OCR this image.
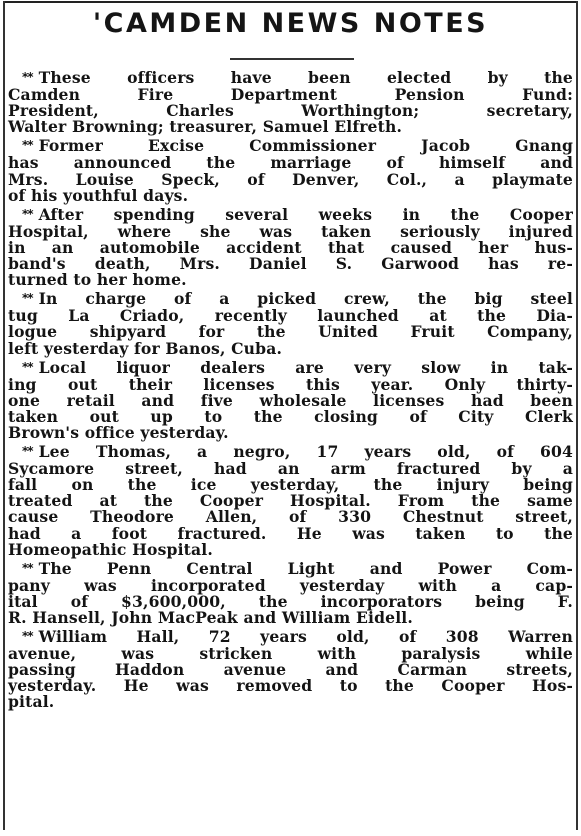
'CAMDEN NEWS NOTES
** These officers have been elected by the
Camden Fire Department Pension Fund:
President, Charles Worthington; secretary,
Walter Browning; treasurer, Samuel Elfreth.
** Former Excise Commissioner Jacob Gnang
has announced the marriage of himself and
Mrs. Louise Speck, of Denver, Col., a playmate
of his youthful days.
** After spending several weeks in the Cooper
Hospital, where she was taken seriously injured
in an automobile accident that caused her hus-
band's death, Mrs. Daniel S. Garwood has re-
turned to her home.
** In charge of a picked crew, the big steel
tug La Criado, recently launched at the Dia-
logue shipyard for the United Fruit Company,
left yesterday for Banos, Cuba.
** Local liquor dealers are very slow in tak-
ing out their licenses this year. Only thirty-
one retail and five wholesale licenses had been
taken out up to the closing of City Clerk
Brown's office yesterday.
** Lee Thomas, a negro, 17 years old, of 604
Sycamore street, had an arm fractured by a
fall on the ice yesterday, the injury being
treated at the Cooper Hospital. From the same
cause Theodore Allen, of 330 Chestnut street,
had a foot fractured. He was taken to the
Homeopathic Hospital.
** The Penn Central Light and Power Com-
pany was incorporated yesterday with a cap-
ital of $3,600,000, the incorporators being F.
R. Hansell, John MacPeak and William Eidell.
** William Hall, 72 years old, of 308 Warren
avenue, was stricken with paralysis while
passing Haddon avenue and Carman streets,
yesterday. He was removed to the Cooper Hos-
pital.
